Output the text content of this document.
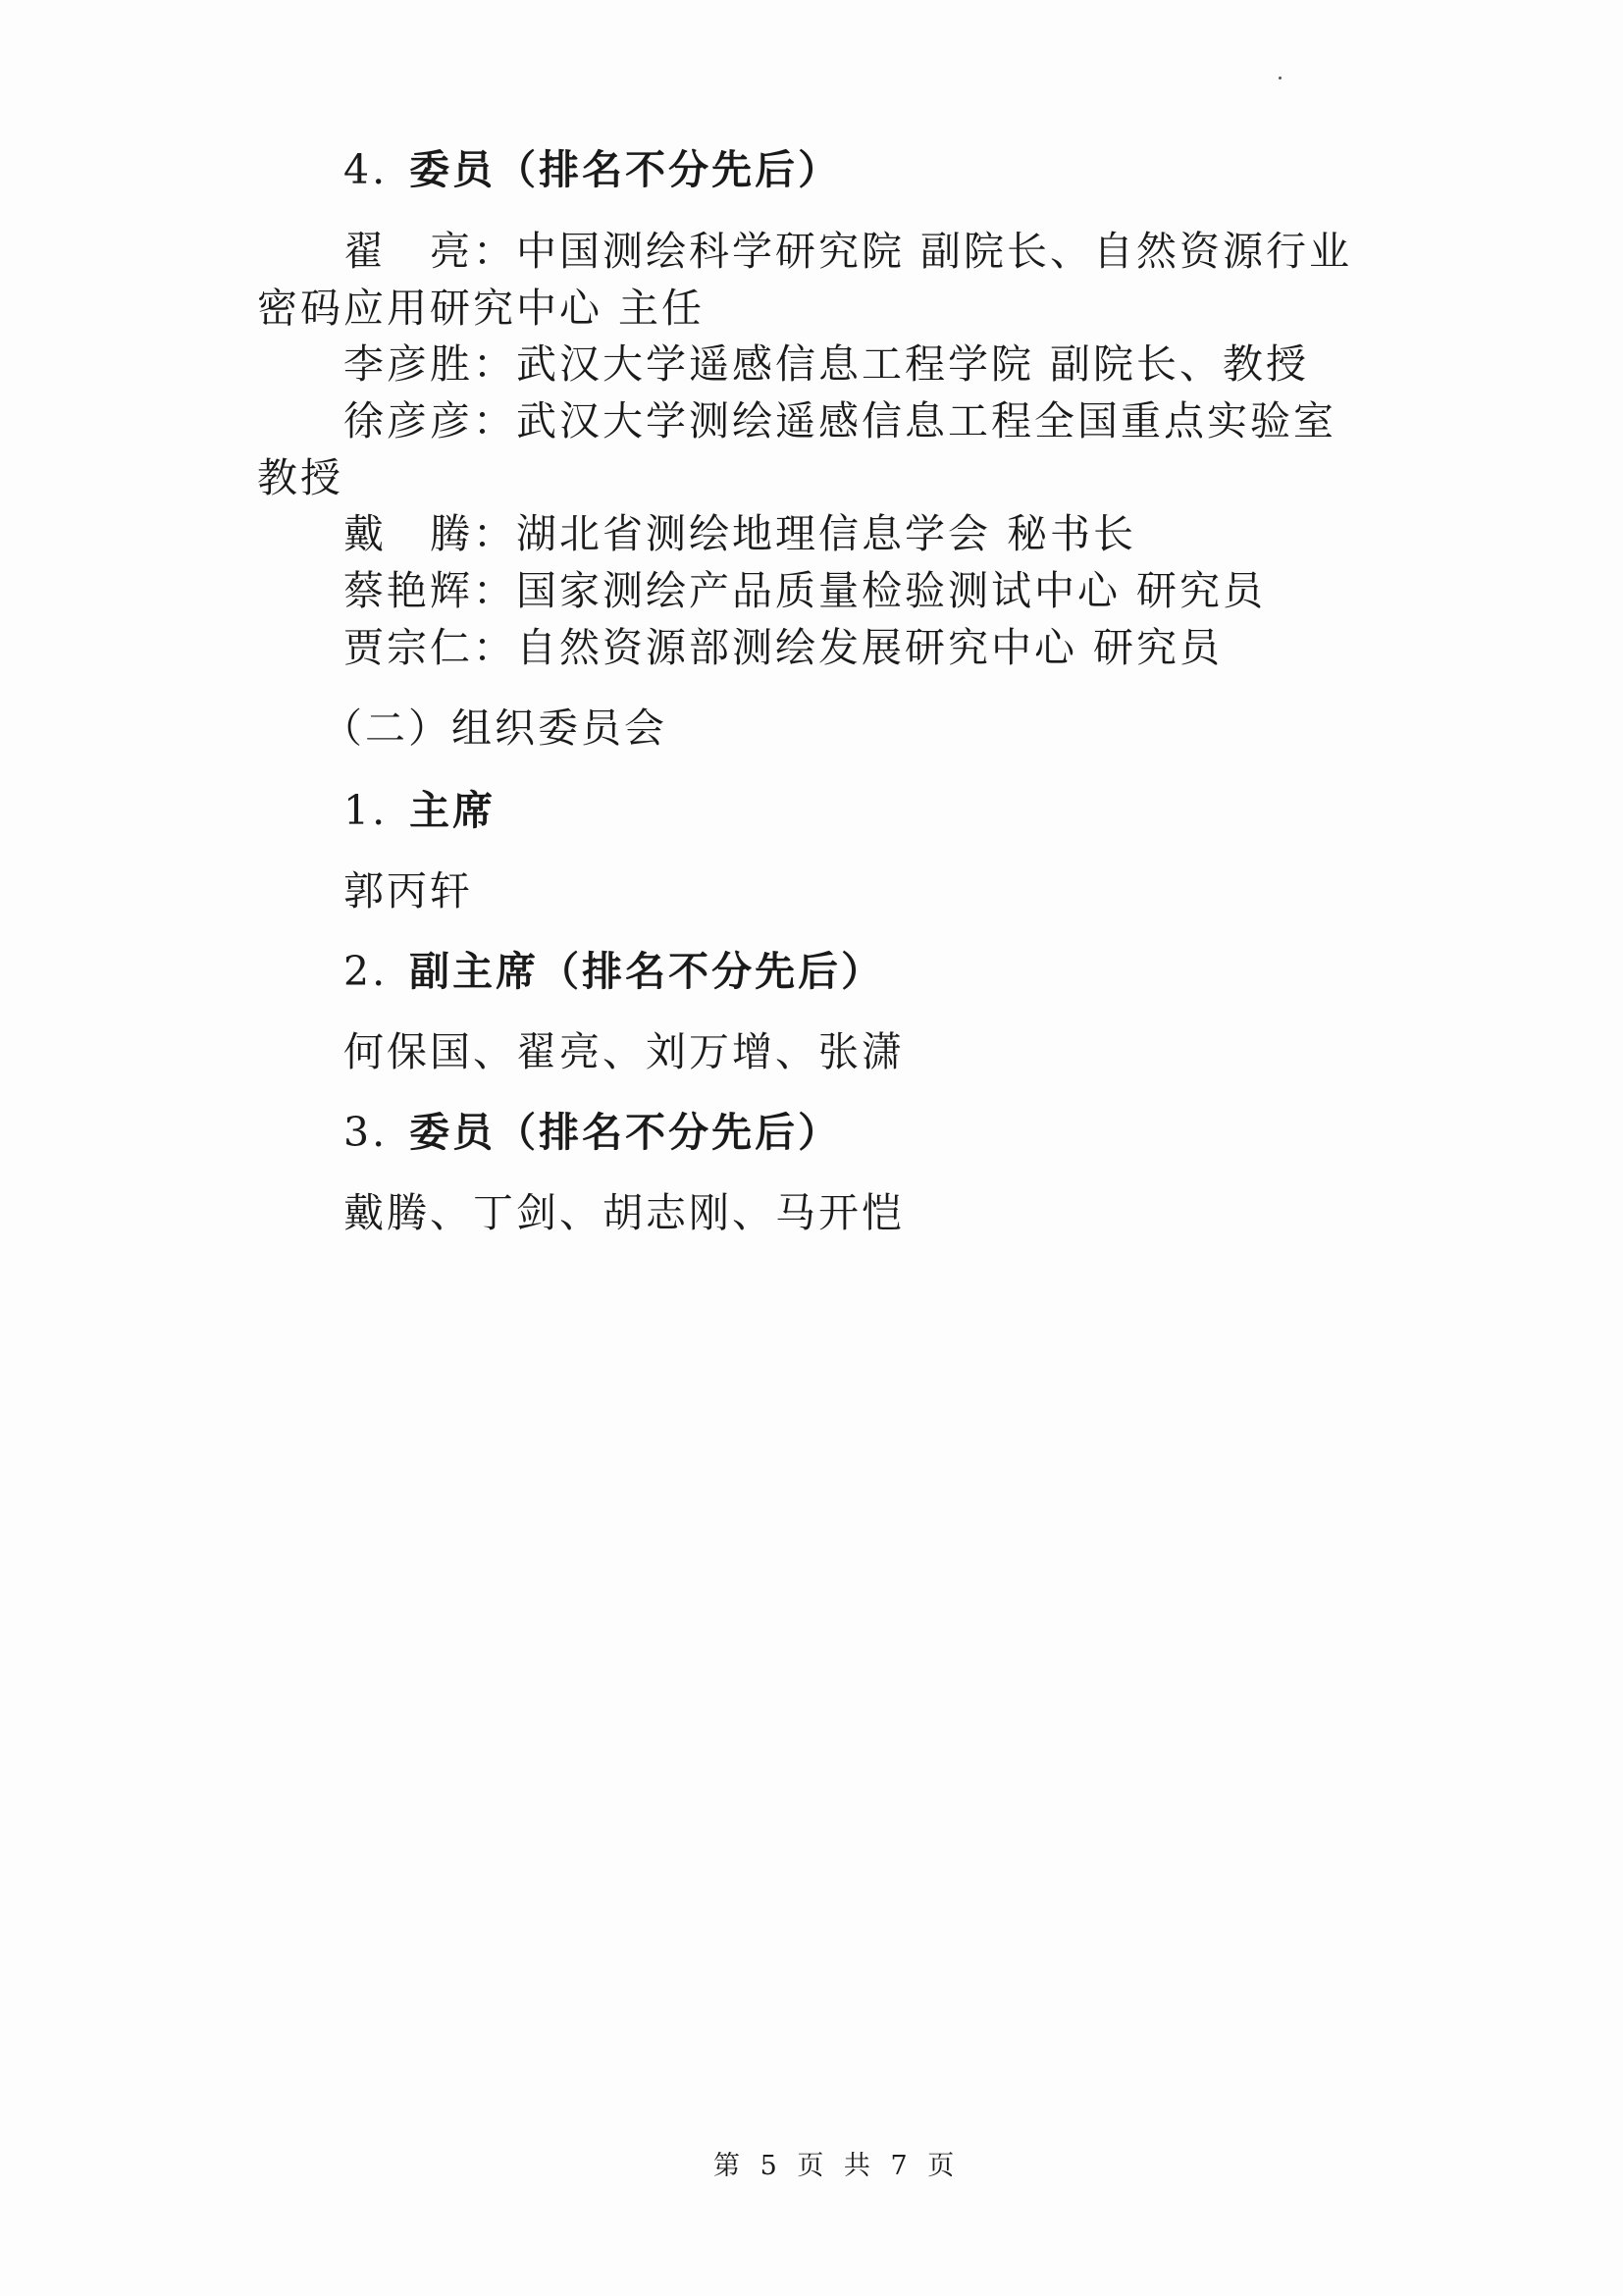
4. 委员（排名不分先后）
翟　亮：中国测绘科学研究院 副院长、自然资源行业
密码应用研究中心 主任
李彦胜：武汉大学遥感信息工程学院 副院长、教授
徐彦彦：武汉大学测绘遥感信息工程全国重点实验室
教授
戴　腾：湖北省测绘地理信息学会 秘书长
蔡艳辉：国家测绘产品质量检验测试中心 研究员
贾宗仁：自然资源部测绘发展研究中心 研究员
（二）组织委员会
1. 主席
郭丙轩
2. 副主席（排名不分先后）
何保国、翟亮、刘万增、张潇
3. 委员（排名不分先后）
戴腾、丁剑、胡志刚、马开恺
第 5 页 共 7 页
